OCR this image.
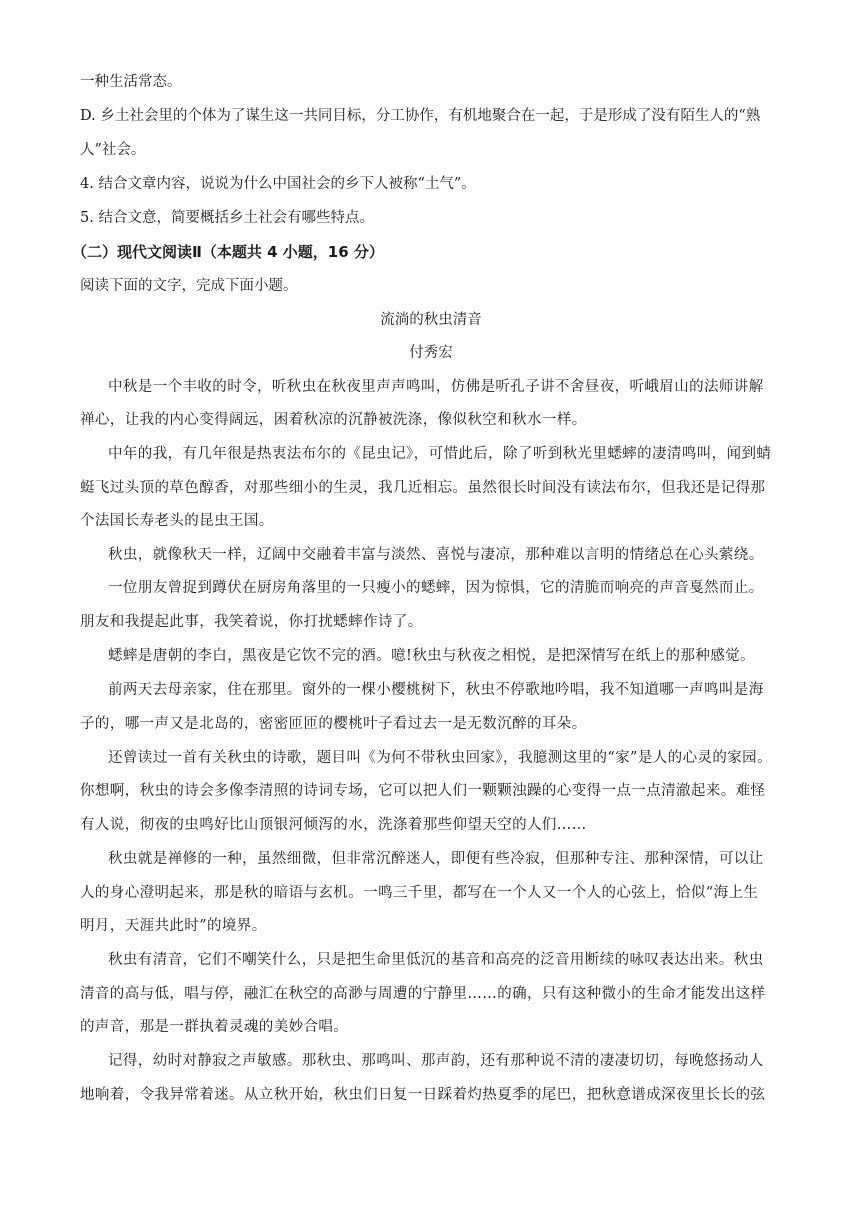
一种生活常态。
D. 乡土社会里的个体为了谋生这一共同目标，分工协作，有机地聚合在一起，于是形成了没有陌生人的“熟
人”社会。
4. 结合文章内容，说说为什么中国社会的乡下人被称“土气”。
5. 结合文意，简要概括乡土社会有哪些特点。
（二）现代文阅读Ⅱ（本题共 4 小题，16 分）
阅读下面的文字，完成下面小题。
流淌的秋虫清音
付秀宏
中秋是一个丰收的时令，听秋虫在秋夜里声声鸣叫，仿佛是听孔子讲不舍昼夜，听峨眉山的法师讲解
禅心，让我的内心变得阔远，困着秋凉的沉静被洗涤，像似秋空和秋水一样。
中年的我，有几年很是热衷法布尔的《昆虫记》，可惜此后，除了听到秋光里蟋蟀的凄清鸣叫，闻到蜻
蜓飞过头顶的草色醇香，对那些细小的生灵，我几近相忘。虽然很长时间没有读法布尔，但我还是记得那
个法国长寿老头的昆虫王国。
秋虫，就像秋天一样，辽阔中交融着丰富与淡然、喜悦与凄凉，那种难以言明的情绪总在心头萦绕。
一位朋友曾捉到蹲伏在厨房角落里的一只瘦小的蟋蟀，因为惊惧，它的清脆而响亮的声音戛然而止。
朋友和我提起此事，我笑着说，你打扰蟋蟀作诗了。
蟋蟀是唐朝的李白，黑夜是它饮不完的酒。噫!秋虫与秋夜之相悦，是把深情写在纸上的那种感觉。
前两天去母亲家，住在那里。窗外的一棵小樱桃树下，秋虫不停歌地吟唱，我不知道哪一声鸣叫是海
子的，哪一声又是北岛的，密密匝匝的樱桃叶子看过去一是无数沉醉的耳朵。
还曾读过一首有关秋虫的诗歌，题目叫《为何不带秋虫回家》，我臆测这里的“家”是人的心灵的家园。
你想啊，秋虫的诗会多像李清照的诗词专场，它可以把人们一颗颗浊躁的心变得一点一点清澈起来。难怪
有人说，彻夜的虫鸣好比山顶银河倾泻的水，洗涤着那些仰望天空的人们……
秋虫就是禅修的一种，虽然细微，但非常沉醉迷人，即便有些冷寂，但那种专注、那种深情，可以让
人的身心澄明起来，那是秋的暗语与玄机。一鸣三千里，都写在一个人又一个人的心弦上，恰似“海上生
明月，天涯共此时”的境界。
秋虫有清音，它们不嘲笑什么，只是把生命里低沉的基音和高亮的泛音用断续的咏叹表达出来。秋虫
清音的高与低，唱与停，融汇在秋空的高渺与周遭的宁静里……的确，只有这种微小的生命才能发出这样
的声音，那是一群执着灵魂的美妙合唱。
记得，幼时对静寂之声敏感。那秋虫、那鸣叫、那声韵，还有那种说不清的凄凄切切，每晚悠扬动人
地响着，令我异常着迷。从立秋开始，秋虫们日复一日踩着灼热夏季的尾巴，把秋意谱成深夜里长长的弦
